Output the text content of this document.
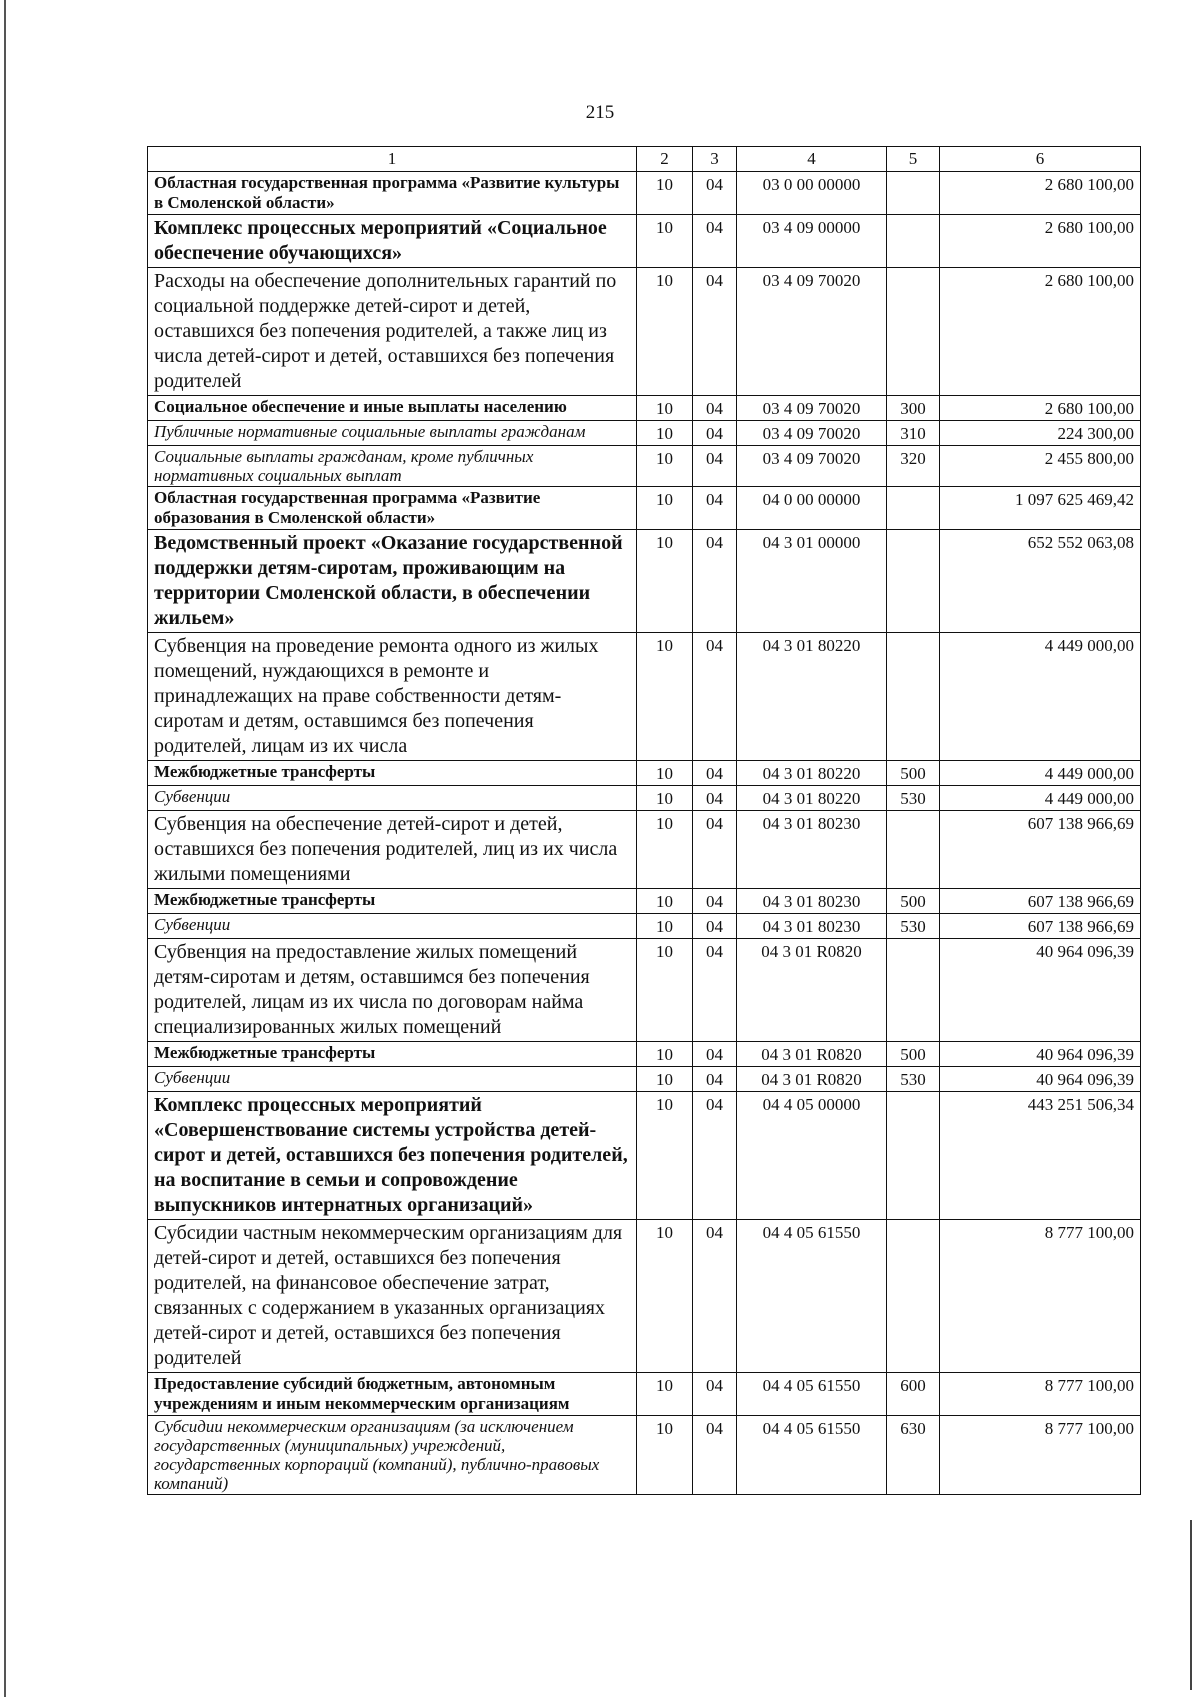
215
1	2	3	4	5	6
Областная государственная программа «Развитие культуры в Смоленской области»	10	04	03 0 00 00000		2 680 100,00
Комплекс процессных мероприятий «Социальное обеспечение обучающихся»	10	04	03 4 09 00000		2 680 100,00
Расходы на обеспечение дополнительных гарантий по социальной поддержке детей-сирот и детей, оставшихся без попечения родителей, а также лиц из числа детей-сирот и детей, оставшихся без попечения родителей	10	04	03 4 09 70020		2 680 100,00
Социальное обеспечение и иные выплаты населению	10	04	03 4 09 70020	300	2 680 100,00
Публичные нормативные социальные выплаты гражданам	10	04	03 4 09 70020	310	224 300,00
Социальные выплаты гражданам, кроме публичных нормативных социальных выплат	10	04	03 4 09 70020	320	2 455 800,00
Областная государственная программа «Развитие образования в Смоленской области»	10	04	04 0 00 00000		1 097 625 469,42
Ведомственный проект «Оказание государственной поддержки детям-сиротам, проживающим на территории Смоленской области, в обеспечении жильем»	10	04	04 3 01 00000		652 552 063,08
Субвенция на проведение ремонта одного из жилых помещений, нуждающихся в ремонте и принадлежащих на праве собственности детям-сиротам и детям, оставшимся без попечения родителей, лицам из их числа	10	04	04 3 01 80220		4 449 000,00
Межбюджетные трансферты	10	04	04 3 01 80220	500	4 449 000,00
Субвенции	10	04	04 3 01 80220	530	4 449 000,00
Субвенция на обеспечение детей-сирот и детей, оставшихся без попечения родителей, лиц из их числа жилыми помещениями	10	04	04 3 01 80230		607 138 966,69
Межбюджетные трансферты	10	04	04 3 01 80230	500	607 138 966,69
Субвенции	10	04	04 3 01 80230	530	607 138 966,69
Субвенция на предоставление жилых помещений детям-сиротам и детям, оставшимся без попечения родителей, лицам из их числа по договорам найма специализированных жилых помещений	10	04	04 3 01 R0820		40 964 096,39
Межбюджетные трансферты	10	04	04 3 01 R0820	500	40 964 096,39
Субвенции	10	04	04 3 01 R0820	530	40 964 096,39
Комплекс процессных мероприятий «Совершенствование системы устройства детей-сирот и детей, оставшихся без попечения родителей, на воспитание в семьи и сопровождение выпускников интернатных организаций»	10	04	04 4 05 00000		443 251 506,34
Субсидии частным некоммерческим организациям для детей-сирот и детей, оставшихся без попечения родителей, на финансовое обеспечение затрат, связанных с содержанием в указанных организациях детей-сирот и детей, оставшихся без попечения родителей	10	04	04 4 05 61550		8 777 100,00
Предоставление субсидий бюджетным, автономным учреждениям и иным некоммерческим организациям	10	04	04 4 05 61550	600	8 777 100,00
Субсидии некоммерческим организациям (за исключением государственных (муниципальных) учреждений, государственных корпораций (компаний), публично-правовых компаний)	10	04	04 4 05 61550	630	8 777 100,00
